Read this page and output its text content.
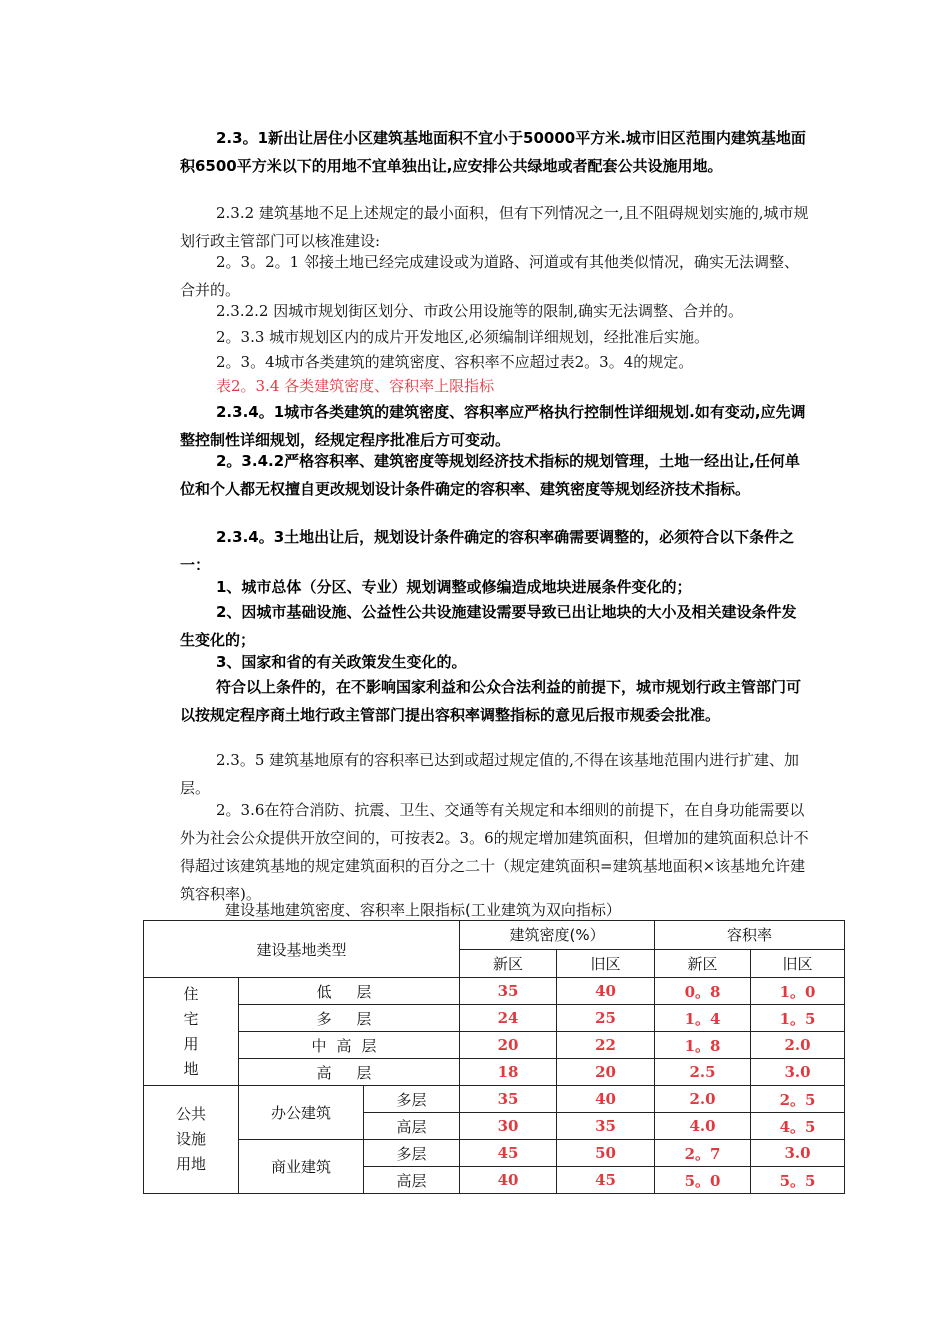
2.3。1新出让居住小区建筑基地面积不宜小于50000平方米.城市旧区范围内建筑基地面积6500平方米以下的用地不宜单独出让,应安排公共绿地或者配套公共设施用地。

2.3.2 建筑基地不足上述规定的最小面积，但有下列情况之一,且不阻碍规划实施的,城市规划行政主管部门可以核准建设:

2。3。2。1 邻接土地已经完成建设或为道路、河道或有其他类似情况，确实无法调整、合并的。

2.3.2.2 因城市规划街区划分、市政公用设施等的限制,确实无法调整、合并的。

2。3.3 城市规划区内的成片开发地区,必须编制详细规划，经批准后实施。

2。3。4城市各类建筑的建筑密度、容积率不应超过表2。3。4的规定。

表2。3.4 各类建筑密度、容积率上限指标

2.3.4。1城市各类建筑的建筑密度、容积率应严格执行控制性详细规划.如有变动,应先调整控制性详细规划，经规定程序批准后方可变动。

2。3.4.2严格容积率、建筑密度等规划经济技术指标的规划管理，土地一经出让,任何单位和个人都无权擅自更改规划设计条件确定的容积率、建筑密度等规划经济技术指标。

2.3.4。3土地出让后，规划设计条件确定的容积率确需要调整的，必须符合以下条件之一：

1、城市总体（分区、专业）规划调整或修编造成地块进展条件变化的；

2、因城市基础设施、公益性公共设施建设需要导致已出让地块的大小及相关建设条件发生变化的；

3、国家和省的有关政策发生变化的。

符合以上条件的，在不影响国家利益和公众合法利益的前提下，城市规划行政主管部门可以按规定程序商土地行政主管部门提出容积率调整指标的意见后报市规委会批准。

2.3。5 建筑基地原有的容积率已达到或超过规定值的,不得在该基地范围内进行扩建、加层。

2。3.6在符合消防、抗震、卫生、交通等有关规定和本细则的前提下，在自身功能需要以外为社会公众提供开放空间的，可按表2。3。6的规定增加建筑面积，但增加的建筑面积总计不得超过该建筑基地的规定建筑面积的百分之二十（规定建筑面积=建筑基地面积×该基地允许建筑容积率)。

建设基地建筑密度、容积率上限指标(工业建筑为双向指标）

建设基地类型			建筑密度(%）		容积率	
			新区	旧区	新区	旧区
住宅用地	低 层		35	40	0。8	1。0
	多 层		24	25	1。4	1。5
	中高层		20	22	1。8	2.0
	高 层		18	20	2.5	3.0
公共
设施
用地	办公建筑	多层	35	40	2.0	2。5
		高层	30	35	4.0	4。5
	商业建筑	多层	45	50	2。7	3.0
		高层	40	45	5。0	5。5
